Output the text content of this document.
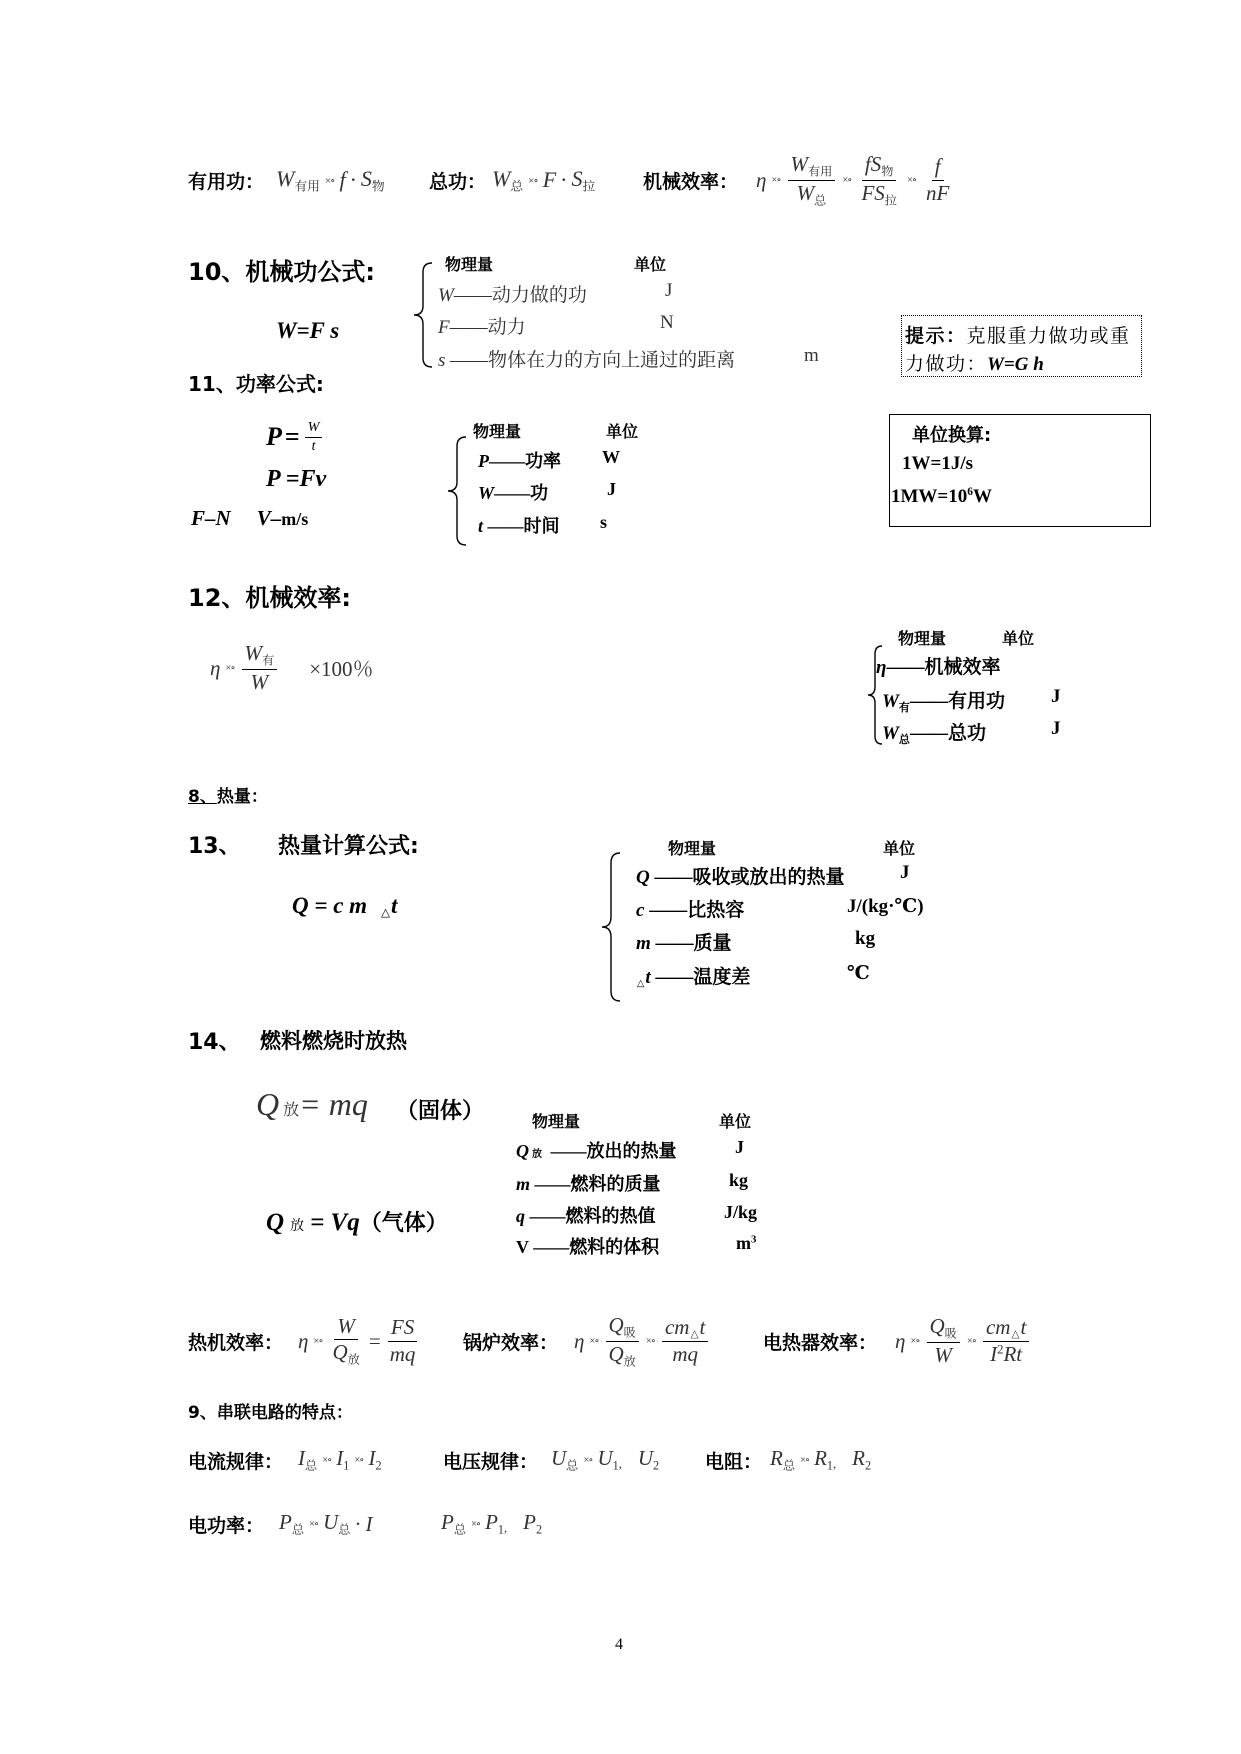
有用功： $W_{有用}$ ×∘ $f \cdot S_物$ 总功： $W_总$ ×∘ $F \cdot S_拉$	机械效率： η ×∘ $\frac{W_{有用}}{W_总}$ ×∘ $\frac{fS_物}{FS_拉}$ ×∘ $\frac{f}{nF}$
10、机械功公式:
W=F s
物理量	单位
W——动力做的功	J
F——动力	N
s ——物体在力的方向上通过的距离	m
提示：克服重力做功或重
力做功：W=G h
11、功率公式:
$P = \frac{W}{t}$
P =Fv
F–N V–m/s
物理量	单位
P——功率 W
W——功	J
t ——时间 s
单位换算:
1W=1J/s
$1MW=10^6W$
12、机械效率:
η ×∘ $\frac{W_有}{W} \times 100$％
物理量	单位
η——机械效率
$W_有——$有用功 J
$W_总——$总功	J
8、热量：
13、 热量计算公式:
Q = c m △t
物理量	单位
Q ——吸收或放出的热量	J
c ——比热容	J/(kg·℃)
m ——质量	kg
△t ——温度差	℃
14、 燃料燃烧时放热
Q放= mq （固体）
Q放 = Vq（气体）
物理量	单位
Q放 ——放出的热量	J
m ——燃料的质量	kg
q ——燃料的热值	J/kg
V ——燃料的体积	$m^3$
热机效率： η ×∘ $\frac{W}{Q_放} = \frac{FS}{mq}$ 锅炉效率： η ×∘ $\frac{Q_吸}{Q_放}$ ×∘ $\frac{cm\triangle t}{mq}$	电热器效率： η ×∘ $\frac{Q_吸}{W}$ ×∘ $\frac{cm\triangle t}{I^2Rt}$
9、串联电路的特点：
电流规律： $I_总$ ×∘ $I_1$ ×∘ $I_2$	电压规律： $U_总$ ×∘ $U_1$, $U_2$ 电阻： $R_总$ ×∘ $R_1$, $R_2$
电功率： $P_总$ ×∘ $U_总 \cdot I$	$P_总$ ×∘ $P_1$, $P_2$
4
